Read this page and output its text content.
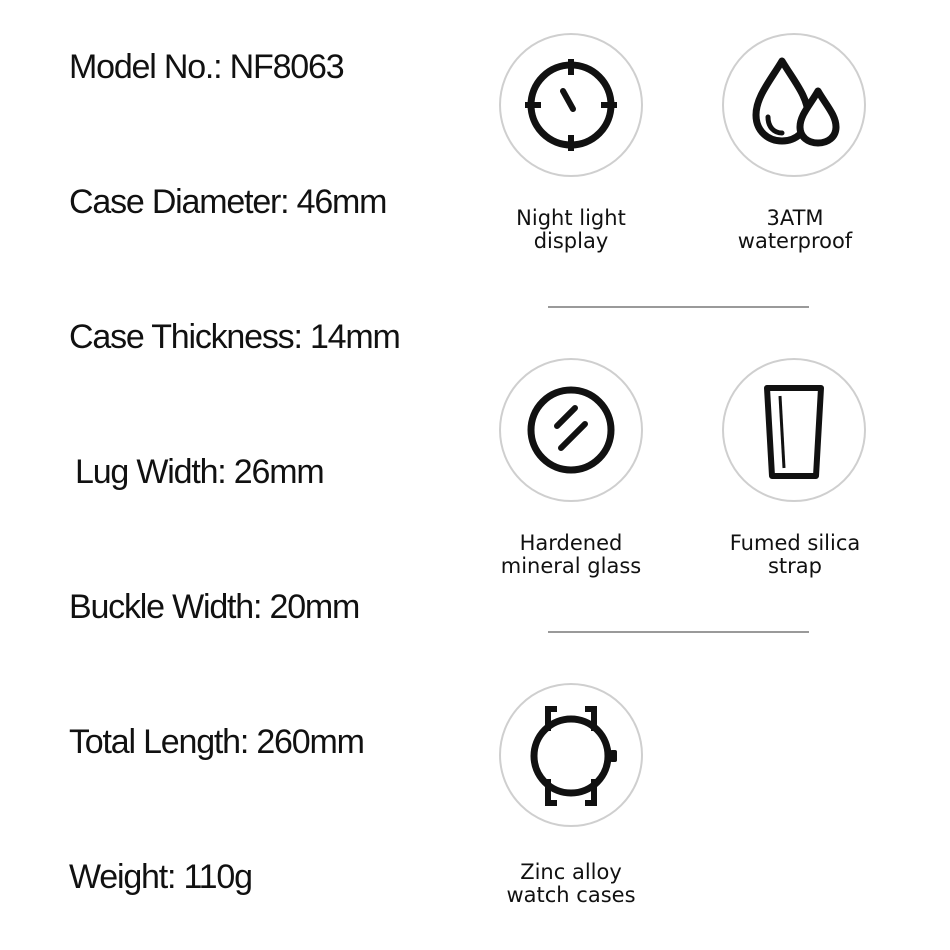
Model No.: NF8063
Case Diameter: 46mm
Case Thickness: 14mm
Lug Width: 26mm
Buckle Width: 20mm
Total Length: 260mm
Weight: 110g
Night light
display
3ATM
waterproof
Hardened
mineral glass
Fumed silica
strap
Zinc alloy
watch cases
